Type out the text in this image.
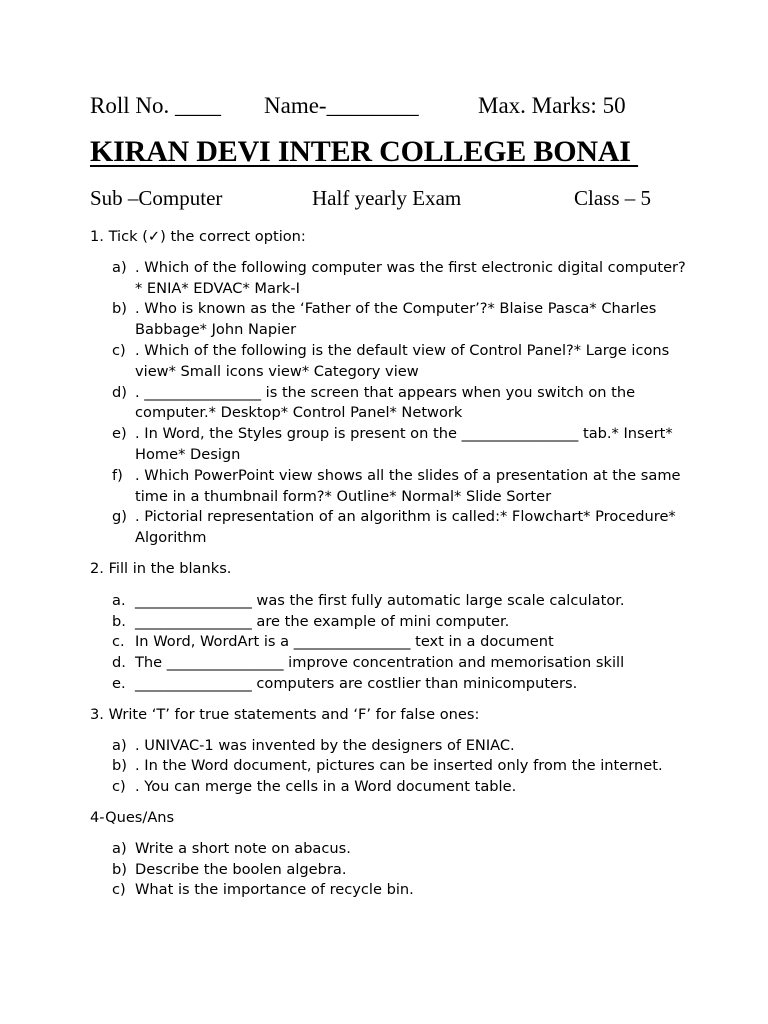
Roll No. ____ Name-________	Max. Marks: 50
KIRAN DEVI INTER COLLEGE BONAI
Sub –Computer	Half yearly Exam	Class – 5

1. Tick (✓) the correct option:

a) . Which of the following computer was the first electronic digital computer?* ENIA* EDVAC* Mark-I
b) . Who is known as the ‘Father of the Computer’?* Blaise Pasca* Charles Babbage* John Napier
c) . Which of the following is the default view of Control Panel?* Large icons view* Small icons view* Category view
d) . ________________ is the screen that appears when you switch on the computer.* Desktop* Control Panel* Network
e) . In Word, the Styles group is present on the ________________ tab.* Insert* Home* Design
f) . Which PowerPoint view shows all the slides of a presentation at the same time in a thumbnail form?* Outline* Normal* Slide Sorter
g) . Pictorial representation of an algorithm is called:* Flowchart* Procedure* Algorithm

2. Fill in the blanks.

a. ________________ was the first fully automatic large scale calculator.
b. ________________ are the example of mini computer.
c. In Word, WordArt is a ________________ text in a document
d. The ________________ improve concentration and memorisation skill
e. ________________ computers are costlier than minicomputers.

3. Write ‘T’ for true statements and ‘F’ for false ones:

a) . UNIVAC-1 was invented by the designers of ENIAC.
b) . In the Word document, pictures can be inserted only from the internet.
c) . You can merge the cells in a Word document table.

4-Ques/Ans

a) Write a short note on abacus.
b) Describe the boolen algebra.
c) What is the importance of recycle bin.
